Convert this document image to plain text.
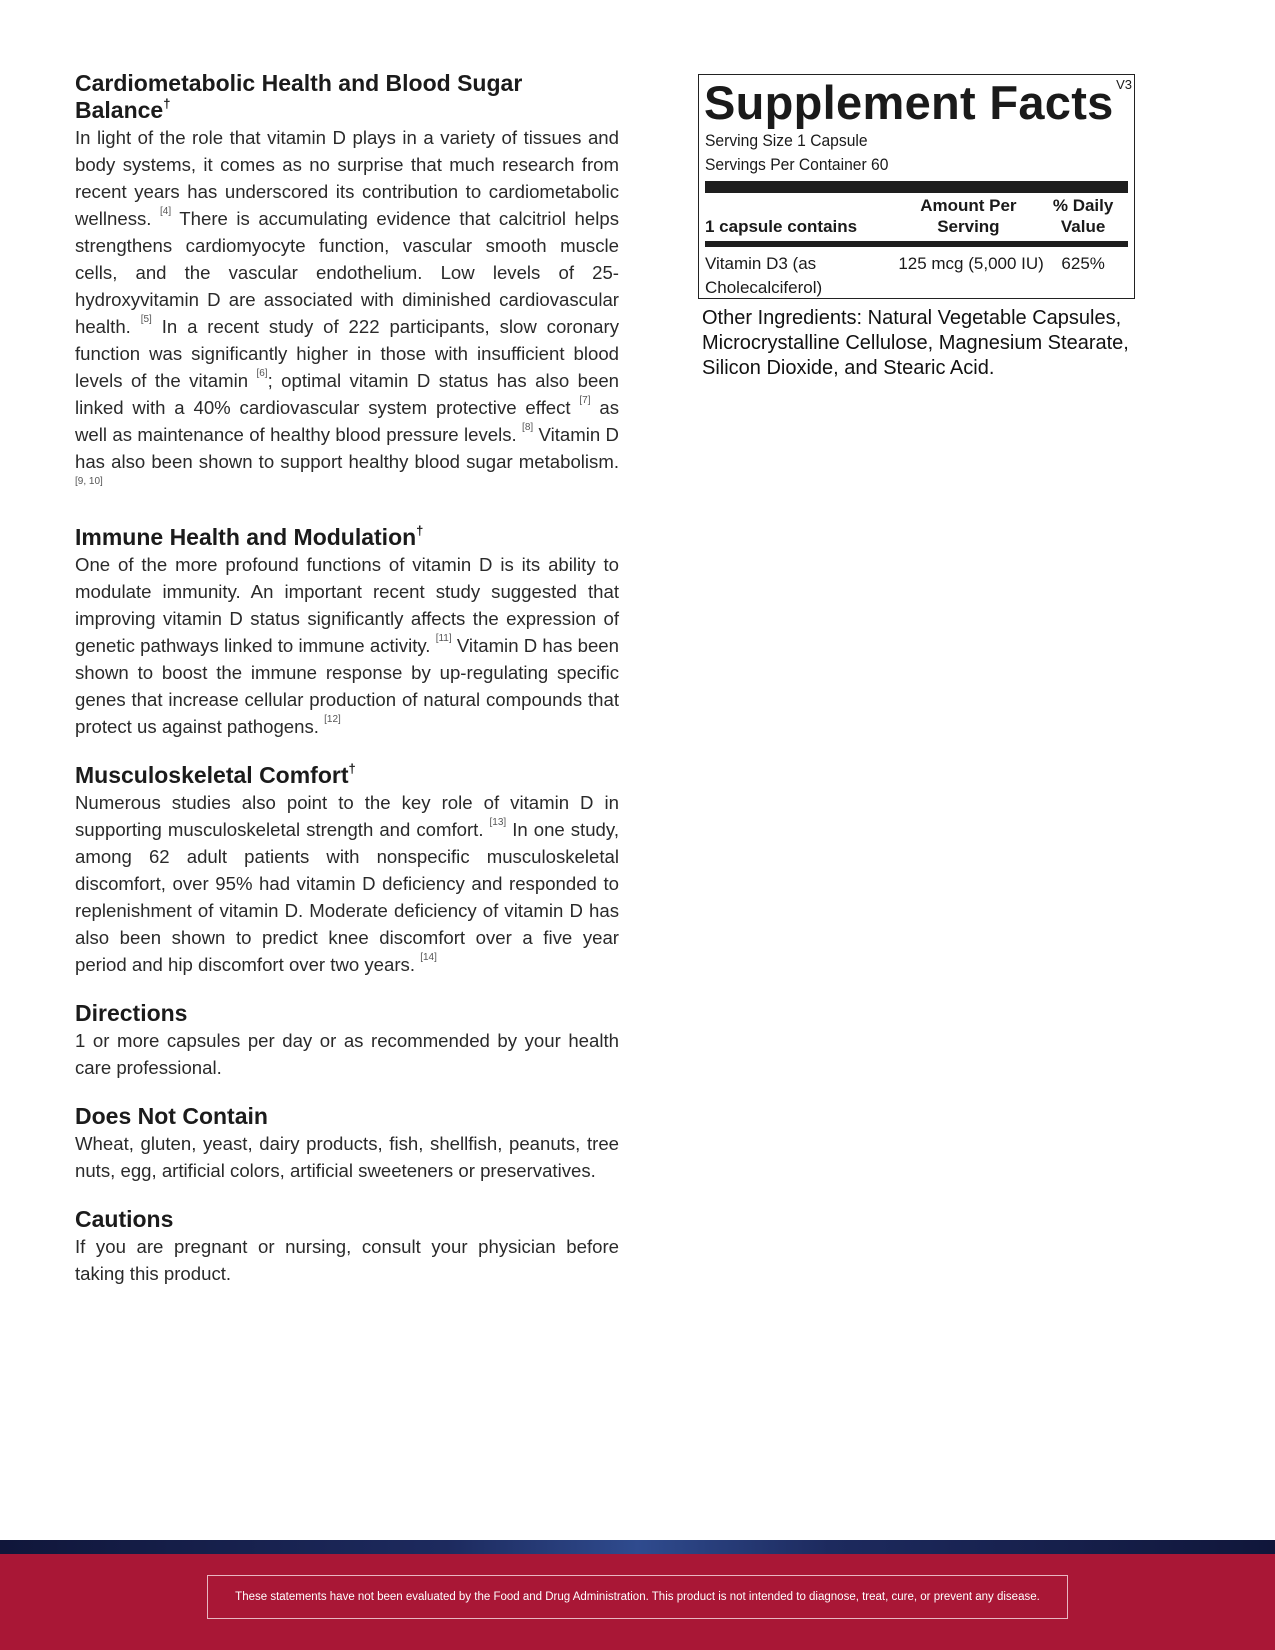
Cardiometabolic Health and Blood Sugar Balance†

In light of the role that vitamin D plays in a variety of tissues and body systems, it comes as no surprise that much research from recent years has underscored its contribution to cardiometabolic wellness. [4] There is accumulating evidence that calcitriol helps strengthens cardiomyocyte function, vascular smooth muscle cells, and the vascular endothelium. Low levels of 25-hydroxyvitamin D are associated with diminished cardiovascular health. [5] In a recent study of 222 participants, slow coronary function was significantly higher in those with insufficient blood levels of the vitamin [6]; optimal vitamin D status has also been linked with a 40% cardiovascular system protective effect [7] as well as maintenance of healthy blood pressure levels. [8] Vitamin D has also been shown to support healthy blood sugar metabolism. [9, 10]

Immune Health and Modulation†

One of the more profound functions of vitamin D is its ability to modulate immunity. An important recent study suggested that improving vitamin D status significantly affects the expression of genetic pathways linked to immune activity. [11] Vitamin D has been shown to boost the immune response by up-regulating specific genes that increase cellular production of natural compounds that protect us against pathogens. [12]

Musculoskeletal Comfort†

Numerous studies also point to the key role of vitamin D in supporting musculoskeletal strength and comfort. [13] In one study, among 62 adult patients with nonspecific musculoskeletal discomfort, over 95% had vitamin D deficiency and responded to replenishment of vitamin D. Moderate deficiency of vitamin D has also been shown to predict knee discomfort over a five year period and hip discomfort over two years. [14]

Directions

1 or more capsules per day or as recommended by your health care professional.

Does Not Contain

Wheat, gluten, yeast, dairy products, fish, shellfish, peanuts, tree nuts, egg, artificial colors, artificial sweeteners or preservatives.

Cautions

If you are pregnant or nursing, consult your physician before taking this product.

V3
Supplement Facts
Serving Size 1 Capsule
Servings Per Container 60
1 capsule contains
Amount Per Serving
% Daily Value
Vitamin D3 (as Cholecalciferol)
125 mcg (5,000 IU)	625%
Other Ingredients: Natural Vegetable Capsules, Microcrystalline Cellulose, Magnesium Stearate, Silicon Dioxide, and Stearic Acid.
These statements have not been evaluated by the Food and Drug Administration. This product is not intended to diagnose, treat, cure, or prevent any disease.
